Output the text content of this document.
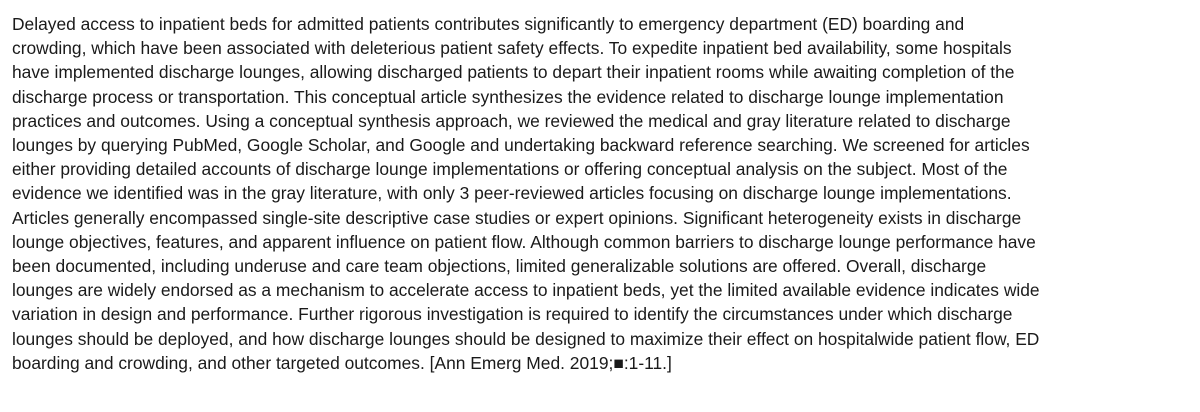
Delayed access to inpatient beds for admitted patients contributes significantly to emergency department (ED) boarding and
crowding, which have been associated with deleterious patient safety effects. To expedite inpatient bed availability, some hospitals
have implemented discharge lounges, allowing discharged patients to depart their inpatient rooms while awaiting completion of the
discharge process or transportation. This conceptual article synthesizes the evidence related to discharge lounge implementation
practices and outcomes. Using a conceptual synthesis approach, we reviewed the medical and gray literature related to discharge
lounges by querying PubMed, Google Scholar, and Google and undertaking backward reference searching. We screened for articles
either providing detailed accounts of discharge lounge implementations or offering conceptual analysis on the subject. Most of the
evidence we identified was in the gray literature, with only 3 peer-reviewed articles focusing on discharge lounge implementations.
Articles generally encompassed single-site descriptive case studies or expert opinions. Significant heterogeneity exists in discharge
lounge objectives, features, and apparent influence on patient flow. Although common barriers to discharge lounge performance have
been documented, including underuse and care team objections, limited generalizable solutions are offered. Overall, discharge
lounges are widely endorsed as a mechanism to accelerate access to inpatient beds, yet the limited available evidence indicates wide
variation in design and performance. Further rigorous investigation is required to identify the circumstances under which discharge
lounges should be deployed, and how discharge lounges should be designed to maximize their effect on hospitalwide patient flow, ED
boarding and crowding, and other targeted outcomes. [Ann Emerg Med. 2019;■:1-11.]
